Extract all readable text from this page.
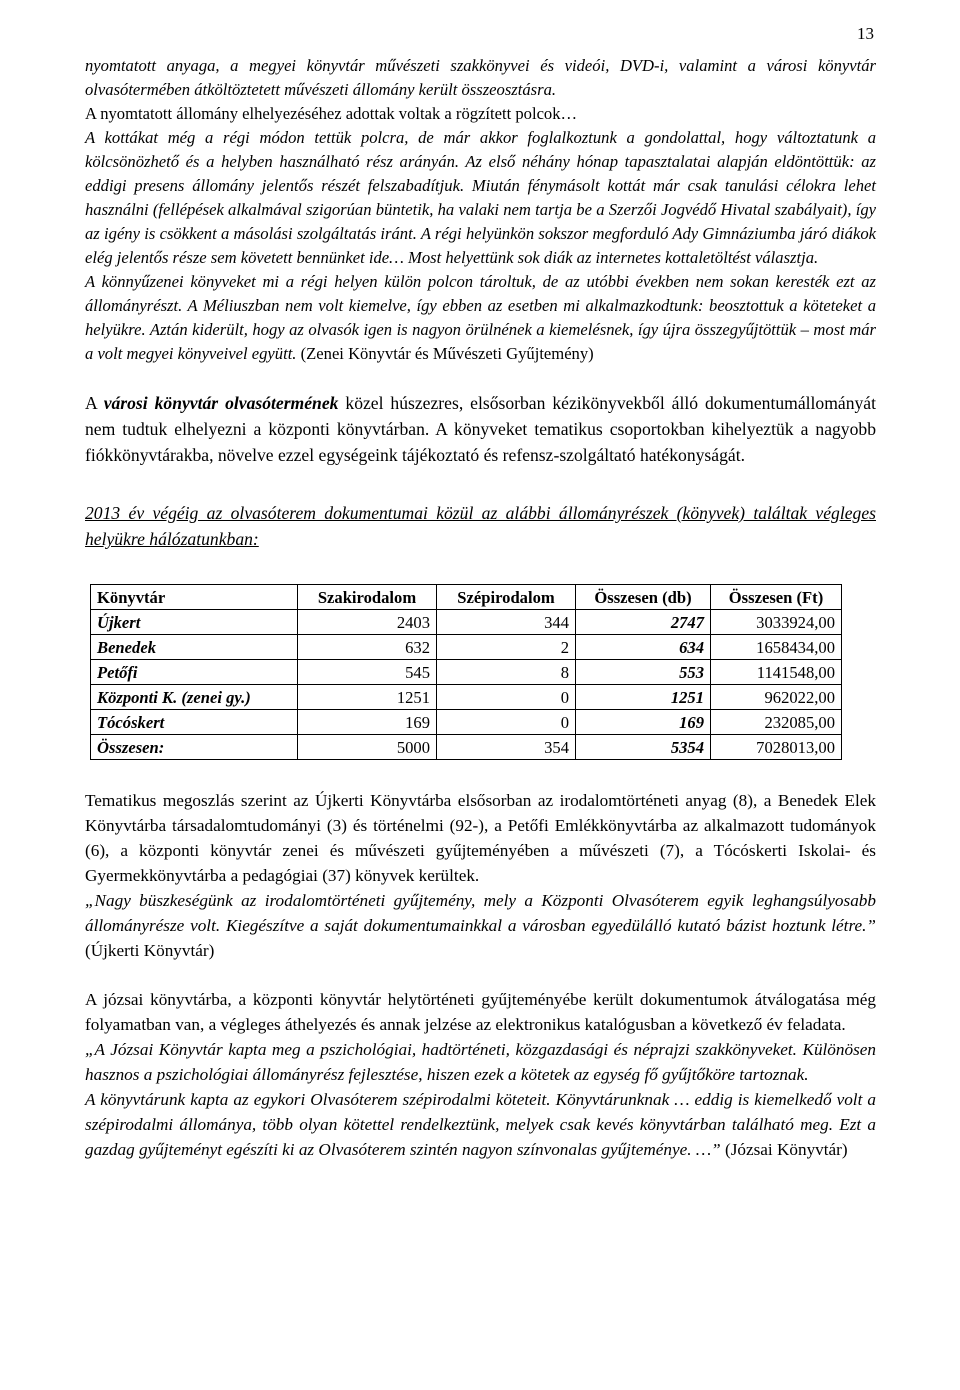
13

nyomtatott anyaga, a megyei könyvtár művészeti szakkönyvei és videói, DVD-i, valamint a városi könyvtár olvasótermében átköltöztetett művészeti állomány került összeosztásra.

A nyomtatott állomány elhelyezéséhez adottak voltak a rögzített polcok…

A kottákat még a régi módon tettük polcra, de már akkor foglalkoztunk a gondolattal, hogy változtatunk a kölcsönözhető és a helyben használható rész arányán. Az első néhány hónap tapasztalatai alapján eldöntöttük: az eddigi presens állomány jelentős részét felszabadítjuk. Miután fénymásolt kottát már csak tanulási célokra lehet használni (fellépések alkalmával szigorúan büntetik, ha valaki nem tartja be a Szerzői Jogvédő Hivatal szabályait), így az igény is csökkent a másolási szolgáltatás iránt. A régi helyünkön sokszor megforduló Ady Gimnáziumba járó diákok elég jelentős része sem követett bennünket ide… Most helyettünk sok diák az internetes kottaletöltést választja.

A könnyűzenei könyveket mi a régi helyen külön polcon tároltuk, de az utóbbi években nem sokan keresték ezt az állományrészt. A Méliuszban nem volt kiemelve, így ebben az esetben mi alkalmazkodtunk: beosztottuk a köteteket a helyükre. Aztán kiderült, hogy az olvasók igen is nagyon örülnének a kiemelésnek, így újra összegyűjtöttük – most már a volt megyei könyveivel együtt. (Zenei Könyvtár és Művészeti Gyűjtemény)

A városi könyvtár olvasótermének közel húszezres, elsősorban kézikönyvekből álló dokumentumállományát nem tudtuk elhelyezni a központi könyvtárban. A könyveket tematikus csoportokban kihelyeztük a nagyobb fiókkönyvtárakba, növelve ezzel egységeink tájékoztató és refensz-szolgáltató hatékonyságát.

2013 év végéig az olvasóterem dokumentumai közül az alábbi állományrészek (könyvek) találtak végleges helyükre hálózatunkban:

Könyvtár	Szakirodalom	Szépirodalom	Összesen (db)	Összesen (Ft)
Újkert	2403	344	2747	3033924,00
Benedek	632	2	634	1658434,00
Petőfi	545	8	553	1141548,00
Központi K. (zenei gy.)	1251	0	1251	962022,00
Tócóskert	169	0	169	232085,00
Összesen:	5000	354	5354	7028013,00

Tematikus megoszlás szerint az Újkerti Könyvtárba elsősorban az irodalomtörténeti anyag (8), a Benedek Elek Könyvtárba társadalomtudományi (3) és történelmi (92-), a Petőfi Emlékkönyvtárba az alkalmazott tudományok (6), a központi könyvtár zenei és művészeti gyűjteményében a művészeti (7), a Tócóskerti Iskolai- és Gyermekkönyvtárba a pedagógiai (37) könyvek kerültek.

„Nagy büszkeségünk az irodalomtörténeti gyűjtemény, mely a Központi Olvasóterem egyik leghangsúlyosabb állományrésze volt. Kiegészítve a saját dokumentumainkkal a városban egyedülálló kutató bázist hoztunk létre.” (Újkerti Könyvtár)

A józsai könyvtárba, a központi könyvtár helytörténeti gyűjteményébe került dokumentumok átválogatása még folyamatban van, a végleges áthelyezés és annak jelzése az elektronikus katalógusban a következő év feladata.

„A Józsai Könyvtár kapta meg a pszichológiai, hadtörténeti, közgazdasági és néprajzi szakkönyveket. Különösen hasznos a pszichológiai állományrész fejlesztése, hiszen ezek a kötetek az egység fő gyűjtőköre tartoznak.

A könyvtárunk kapta az egykori Olvasóterem szépirodalmi köteteit. Könyvtárunknak … eddig is kiemelkedő volt a szépirodalmi állománya, több olyan kötettel rendelkeztünk, melyek csak kevés könyvtárban található meg. Ezt a gazdag gyűjteményt egészíti ki az Olvasóterem szintén nagyon színvonalas gyűjteménye. …” (Józsai Könyvtár)
